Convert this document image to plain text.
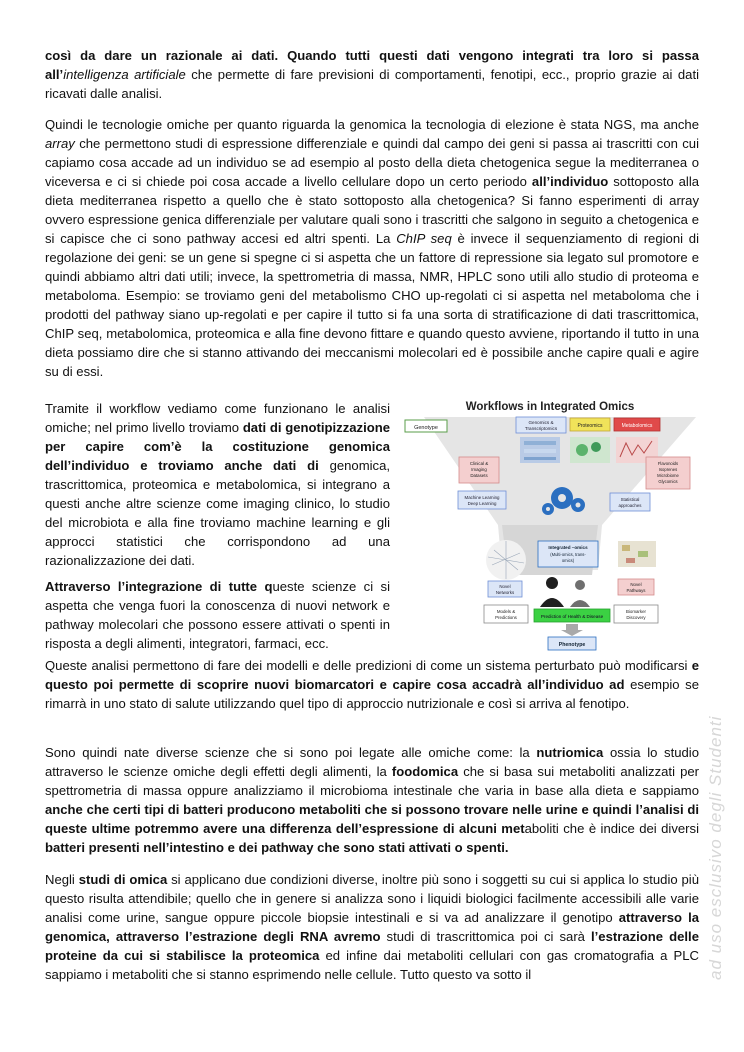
così da dare un razionale ai dati. Quando tutti questi dati vengono integrati tra loro si passa all’intelligenza artificiale che permette di fare previsioni di comportamenti, fenotipi, ecc., proprio grazie ai dati ricavati dalle analisi.

Quindi le tecnologie omiche per quanto riguarda la genomica la tecnologia di elezione è stata NGS, ma anche array che permettono studi di espressione differenziale e quindi dal campo dei geni si passa ai trascritti con cui capiamo cosa accade ad un individuo se ad esempio al posto della dieta chetogenica segue la mediterranea o viceversa e ci si chiede poi cosa accade a livello cellulare dopo un certo periodo all’individuo sottoposto alla dieta mediterranea rispetto a quello che è stato sottoposto alla chetogenica? Si fanno esperimenti di array ovvero espressione genica differenziale per valutare quali sono i trascritti che salgono in seguito a chetogenica e si capisce che ci sono pathway accesi ed altri spenti. La ChIP seq è invece il sequenziamento di regioni di regolazione dei geni: se un gene si spegne ci si aspetta che un fattore di repressione sia legato sul promotore e quindi abbiamo altri dati utili; invece, la spettrometria di massa, NMR, HPLC sono utili allo studio di proteoma e metaboloma. Esempio: se troviamo geni del metabolismo CHO up-regolati ci si aspetta nel metaboloma che i prodotti del pathway siano up-regolati e per capire il tutto si fa una sorta di stratificazione di dati trascrittomica, ChIP seq, metabolomica, proteomica e alla fine devono fittare e quando questo avviene, riportando il tutto in una dieta possiamo dire che si stanno attivando dei meccanismi molecolari ed è possibile anche capire quali e agire su di essi.

Tramite il workflow vediamo come funzionano le analisi omiche; nel primo livello troviamo dati di genotipizzazione per capire com’è la costituzione genomica dell’individuo e troviamo anche dati di genomica, trascrittomica, proteomica e metabolomica, si integrano a questi anche altre scienze come imaging clinico, lo studio del microbiota e alla fine troviamo machine learning e gli approcci statistici che corrispondono ad una razionalizzazione dei dati.

Attraverso l’integrazione di tutte queste scienze ci si aspetta che venga fuori la conoscenza di nuovi network e pathway molecolari che possono essere attivati o spenti in risposta a degli alimenti, integratori, farmaci, ecc.

Queste analisi permettono di fare dei modelli e delle predizioni di come un sistema perturbato può modificarsi e questo poi permette di scoprire nuovi biomarcatori e capire cosa accadrà all’individuo ad esempio se rimarrà in uno stato di salute utilizzando quel tipo di approccio nutrizionale e così si arriva al fenotipo.

Sono quindi nate diverse scienze che si sono poi legate alle omiche come: la nutriomica ossia lo studio attraverso le scienze omiche degli effetti degli alimenti, la foodomica che si basa sui metaboliti analizzati per spettrometria di massa oppure analizziamo il microbioma intestinale che varia in base alla dieta e sappiamo anche che certi tipi di batteri producono metaboliti che si possono trovare nelle urine e quindi l’analisi di queste ultime potremmo avere una differenza dell’espressione di alcuni metaboliti che è indice dei diversi batteri presenti nell’intestino e dei pathway che sono stati attivati o spenti.

Negli studi di omica si applicano due condizioni diverse, inoltre più sono i soggetti su cui si applica lo studio più questo risulta attendibile; quello che in genere si analizza sono i liquidi biologici facilmente accessibili alle varie analisi come urine, sangue oppure piccole biopsie intestinali e si va ad analizzare il genotipo attraverso la genomica, attraverso l’estrazione degli RNA avremo studi di trascrittomica poi ci sarà l’estrazione delle proteine da cui si stabilisce la proteomica ed infine dai metaboliti cellulari con gas cromatografia a PLC sappiamo i metaboliti che si stanno esprimendo nelle cellule. Tutto questo va sotto il

Workflows in Integrated Omics
Genotype
Genomics &
Transcriptomics	Proteomics	Metabolomics
Clinical &
Imaging
Datasets
Flavonoids
Isoprenes
Microbiome
Glycomics
Machine Learning
Deep Learning
Statistical
approaches
Integrated –omics
(Multi-omics, trans-
omics)
Novel
Networks
Novel
Pathways
Models &
Predictions	Prediction of Health & Disease
Biomarker
Discovery
Phenotype
ad uso esclusivo degli Studenti
